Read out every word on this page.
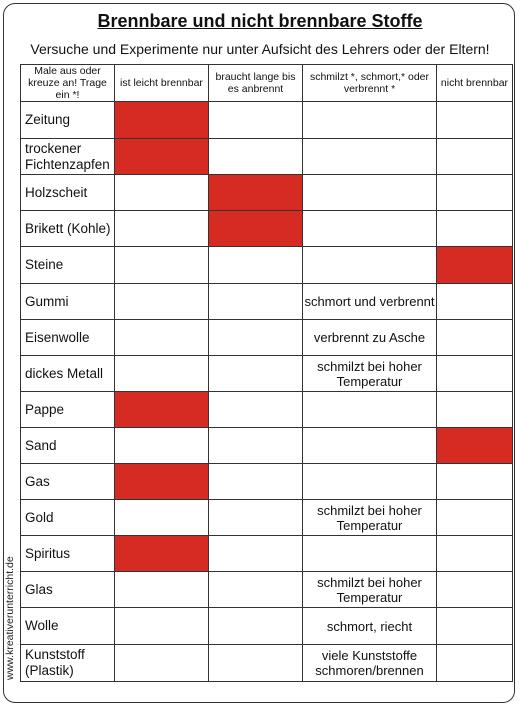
Brennbare und nicht brennbare Stoffe
Versuche und Experimente nur unter Aufsicht des Lehrers oder der Eltern!
www.kreativerunterricht.de
Male aus oder kreuze an! Trage ein *!	ist leicht brennbar	braucht lange bis es anbrennt	schmilzt *, schmort,* oder verbrennt *	nicht brennbar
Zeitung	

trockener Fichtenzapfen	

Holzscheit	

Brikett (Kohle)	

Steine	

Gummi			schmort und verbrennt	

Eisenwolle			verbrennt zu Asche	

dickes Metall			schmilzt bei hoher Temperatur	

Pappe	

Sand	

Gas	

Gold			schmilzt bei hoher Temperatur	

Spiritus	

Glas			schmilzt bei hoher Temperatur	

Wolle			schmort, riecht	

Kunststoff (Plastik)			viele Kunststoffe schmoren/brennen	
